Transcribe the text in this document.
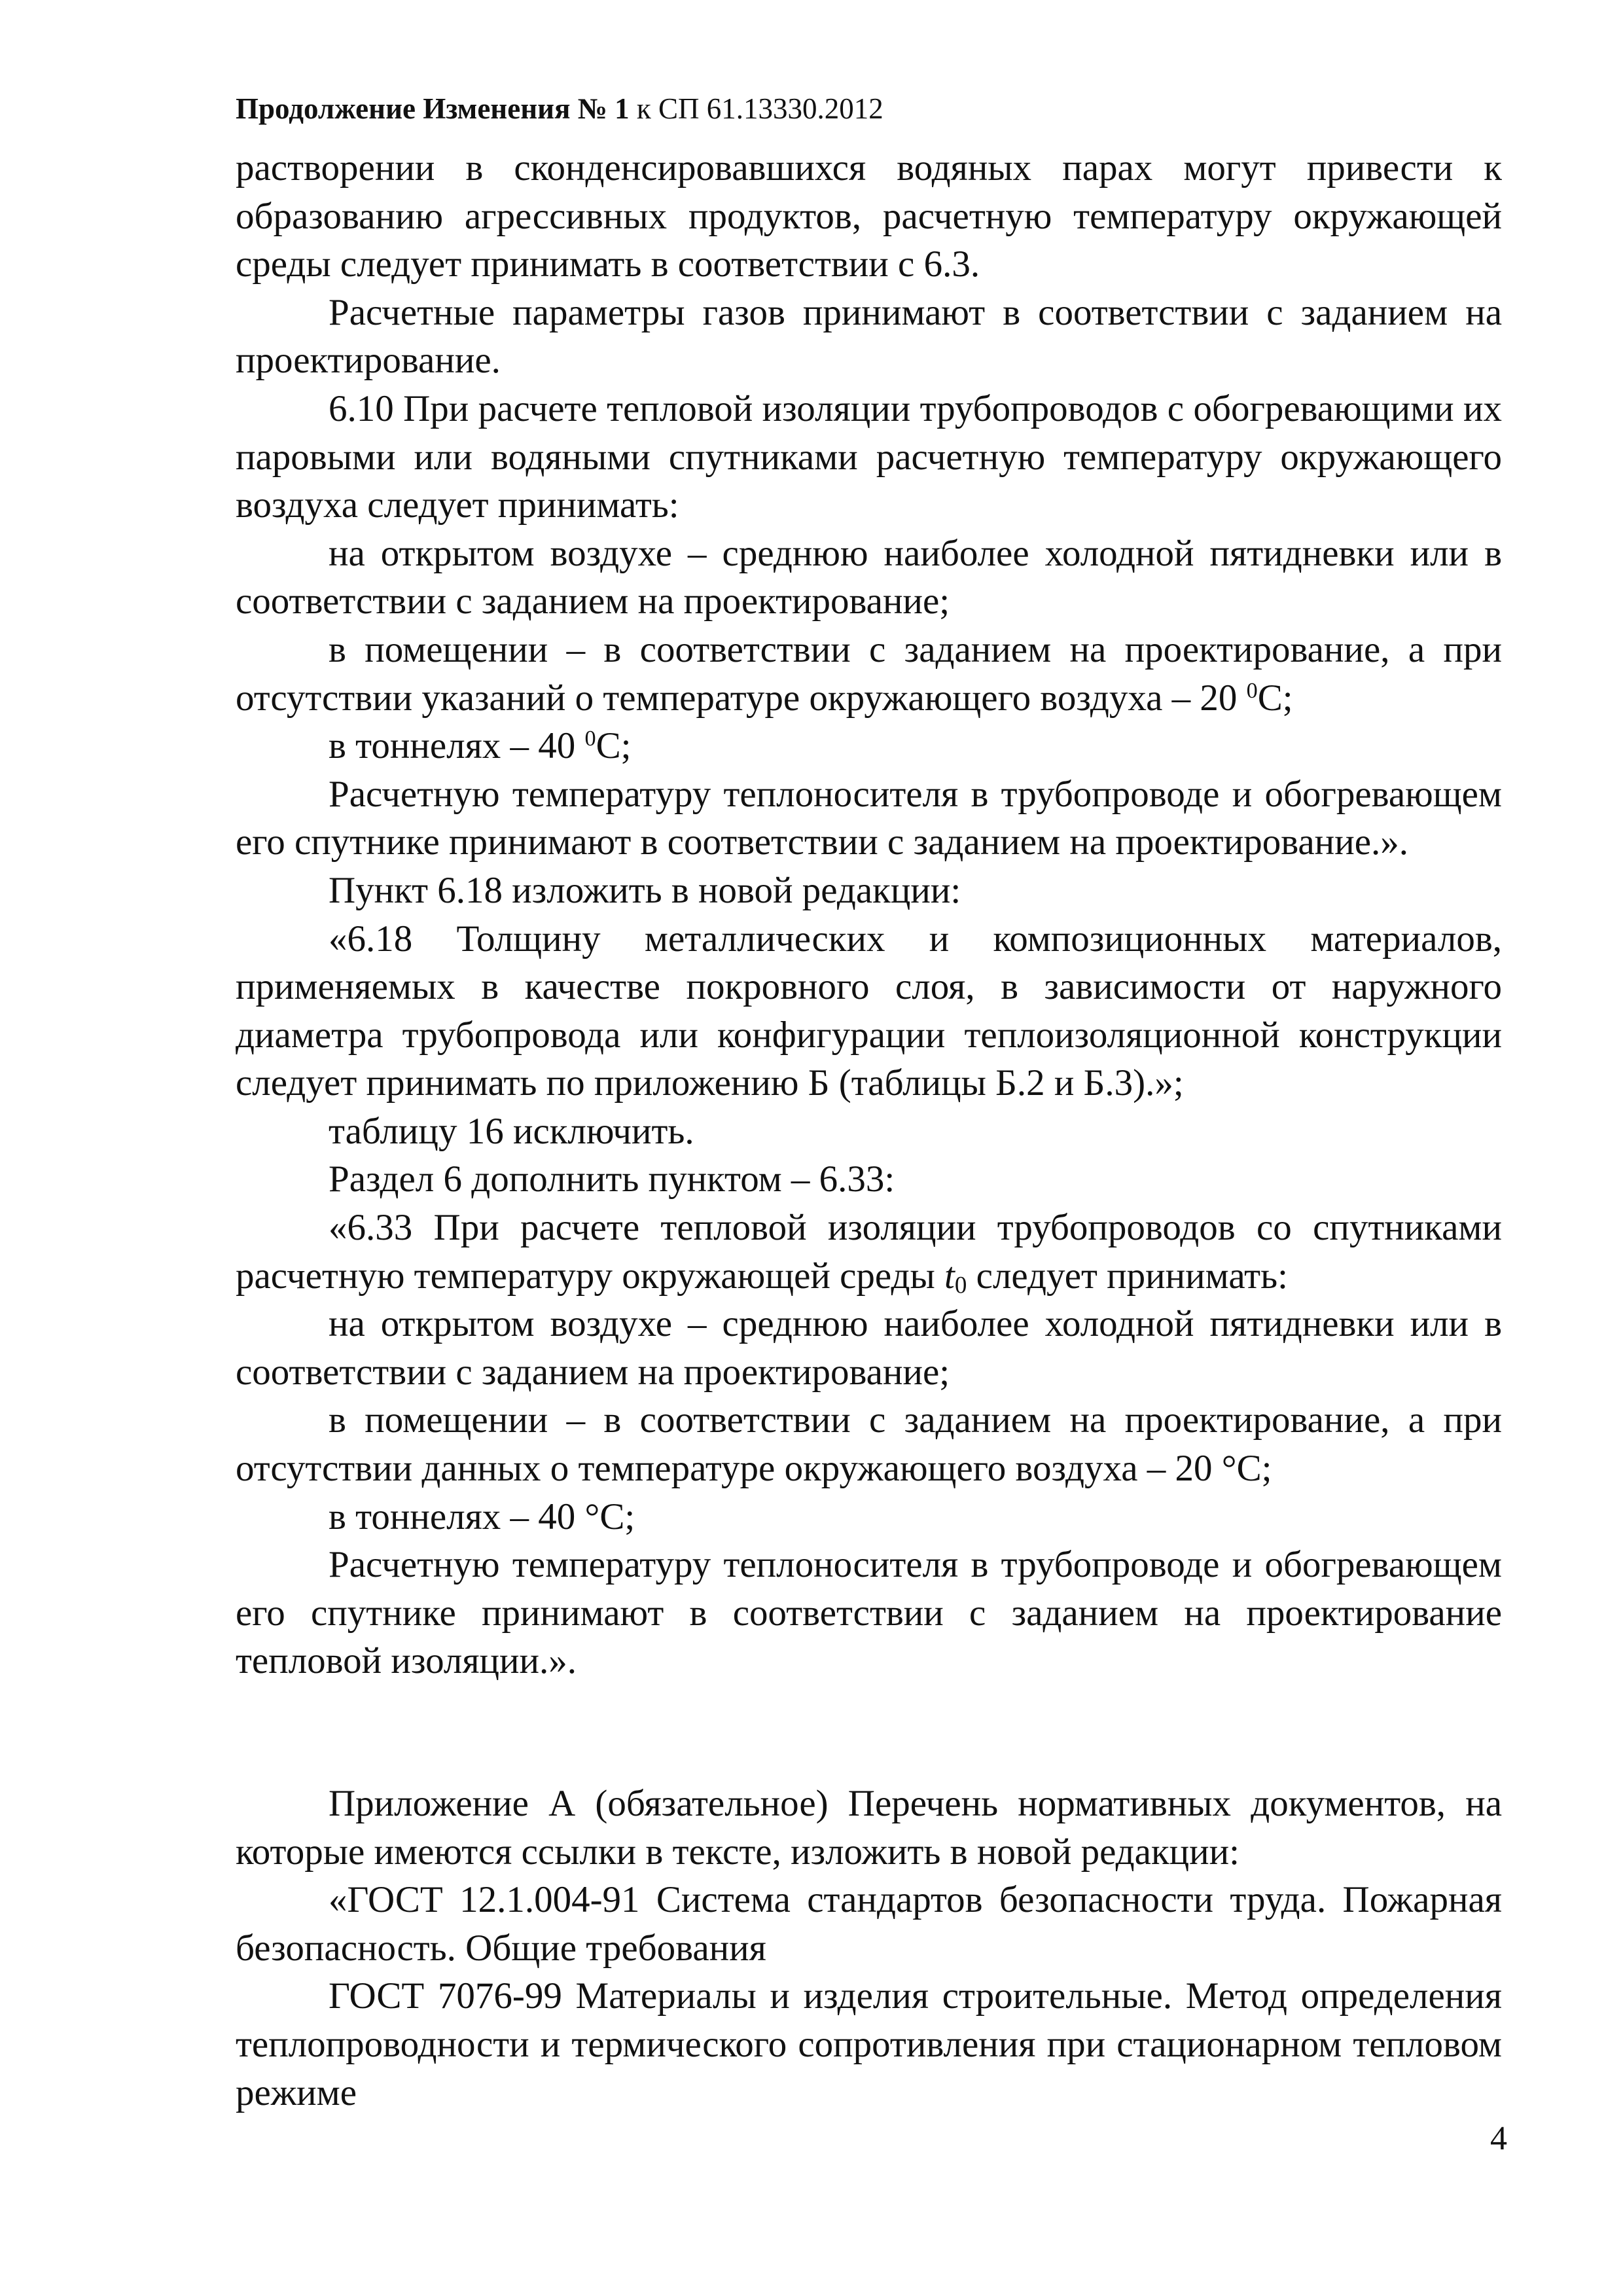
Продолжение Изменения № 1 к СП 61.13330.2012

растворении в сконденсировавшихся водяных парах могут привести к образованию агрессивных продуктов, расчетную температуру окружающей среды следует принимать в соответствии с 6.3.

Расчетные параметры газов принимают в соответствии с заданием на проектирование.

6.10 При расчете тепловой изоляции трубопроводов с обогревающими их паровыми или водяными спутниками расчетную температуру окружающего воздуха следует принимать:

на открытом воздухе – среднюю наиболее холодной пятидневки или в соответствии с заданием на проектирование;

в помещении – в соответствии с заданием на проектирование, а при отсутствии указаний о температуре окружающего воздуха – 20 $^0$С;

в тоннелях – 40 $^0$С;

Расчетную температуру теплоносителя в трубопроводе и обогревающем его спутнике принимают в соответствии с заданием на проектирование.».

Пункт 6.18 изложить в новой редакции:

«6.18 Толщину металлических и композиционных материалов, применяемых в качестве покровного слоя, в зависимости от наружного диаметра трубопровода или конфигурации теплоизоляционной конструкции следует принимать по приложению Б (таблицы Б.2 и Б.3).»;

таблицу 16 исключить.

Раздел 6 дополнить пунктом – 6.33:

«6.33 При расчете тепловой изоляции трубопроводов со спутниками расчетную температуру окружающей среды $t_0$ следует принимать:

на открытом воздухе – среднюю наиболее холодной пятидневки или в соответствии с заданием на проектирование;

в помещении – в соответствии с заданием на проектирование, а при отсутствии данных о температуре окружающего воздуха – 20 °С;

в тоннелях – 40 °С;

Расчетную температуру теплоносителя в трубопроводе и обогревающем его спутнике принимают в соответствии с заданием на проектирование тепловой изоляции.».

Приложение А (обязательное) Перечень нормативных документов, на которые имеются ссылки в тексте, изложить в новой редакции:

«ГОСТ 12.1.004-91 Система стандартов безопасности труда. Пожарная безопасность. Общие требования

ГОСТ 7076-99 Материалы и изделия строительные. Метод определения теплопроводности и термического сопротивления при стационарном тепловом режиме

4
